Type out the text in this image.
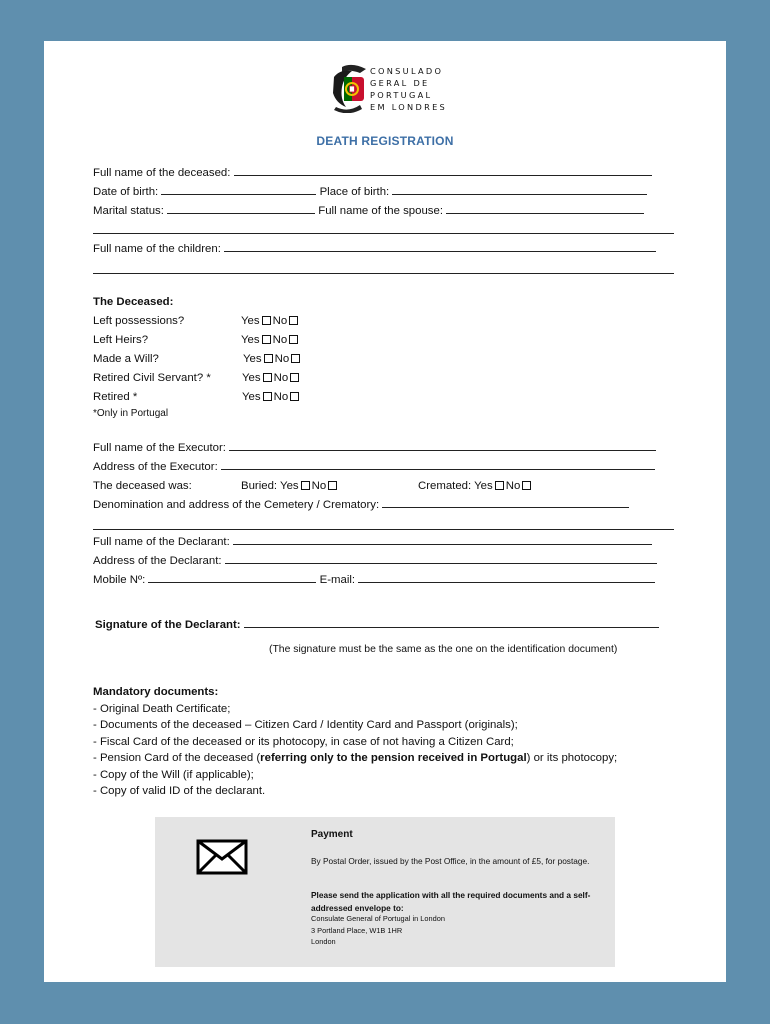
CONSULADO
GERAL DE
PORTUGAL
EM LONDRES
DEATH REGISTRATION
Full name of the deceased:
Date of birth:	Place of birth:
Marital status:	Full name of the spouse:
Full name of the children:
The Deceased:
Left possessions?	Yes No
Left Heirs?	Yes No
Made a Will?	Yes No
Retired Civil Servant? *	Yes No
Retired *	Yes No
*Only in Portugal
Full name of the Executor:
Address of the Executor:
The deceased was:	Buried: Yes No	Cremated: Yes No
Denomination and address of the Cemetery / Crematory:
Full name of the Declarant:
Address of the Declarant:
Mobile Nº:	E-mail:
Signature of the Declarant:
(The signature must be the same as the one on the identification document)
Mandatory documents:
- Original Death Certificate;
- Documents of the deceased – Citizen Card / Identity Card and Passport (originals);
- Fiscal Card of the deceased or its photocopy, in case of not having a Citizen Card;
- Pension Card of the deceased (referring only to the pension received in Portugal) or its photocopy;
- Copy of the Will (if applicable);
- Copy of valid ID of the declarant.
Payment
By Postal Order, issued by the Post Office, in the amount of £5, for postage.
Please send the application with all the required documents and a self-addressed envelope to:
Consulate General of Portugal in London
3 Portland Place, W1B 1HR
London
